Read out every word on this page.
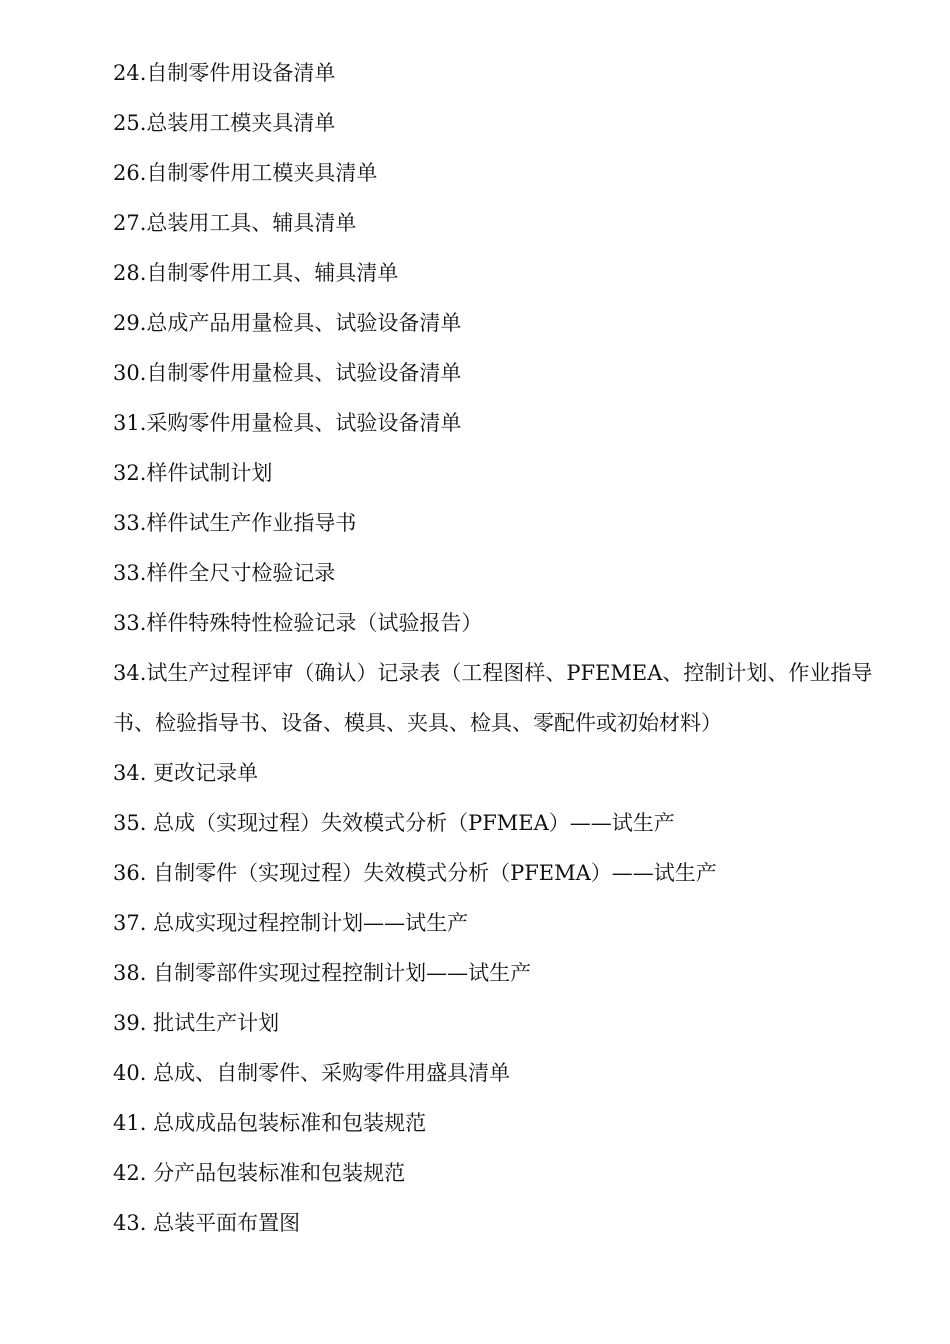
24.自制零件用设备清单
25.总装用工模夹具清单
26.自制零件用工模夹具清单
27.总装用工具、辅具清单
28.自制零件用工具、辅具清单
29.总成产品用量检具、试验设备清单
30.自制零件用量检具、试验设备清单
31.采购零件用量检具、试验设备清单
32.样件试制计划
33.样件试生产作业指导书
33.样件全尺寸检验记录
33.样件特殊特性检验记录（试验报告）
34.试生产过程评审（确认）记录表（工程图样、PFEMEA、控制计划、作业指导书、检验指导书、设备、模具、夹具、检具、零配件或初始材料）
34. 更改记录单
35. 总成（实现过程）失效模式分析（PFMEA）——试生产
36. 自制零件（实现过程）失效模式分析（PFEMA）——试生产
37. 总成实现过程控制计划——试生产
38. 自制零部件实现过程控制计划——试生产
39. 批试生产计划
40. 总成、自制零件、采购零件用盛具清单
41. 总成成品包装标准和包装规范
42. 分产品包装标准和包装规范
43. 总装平面布置图
